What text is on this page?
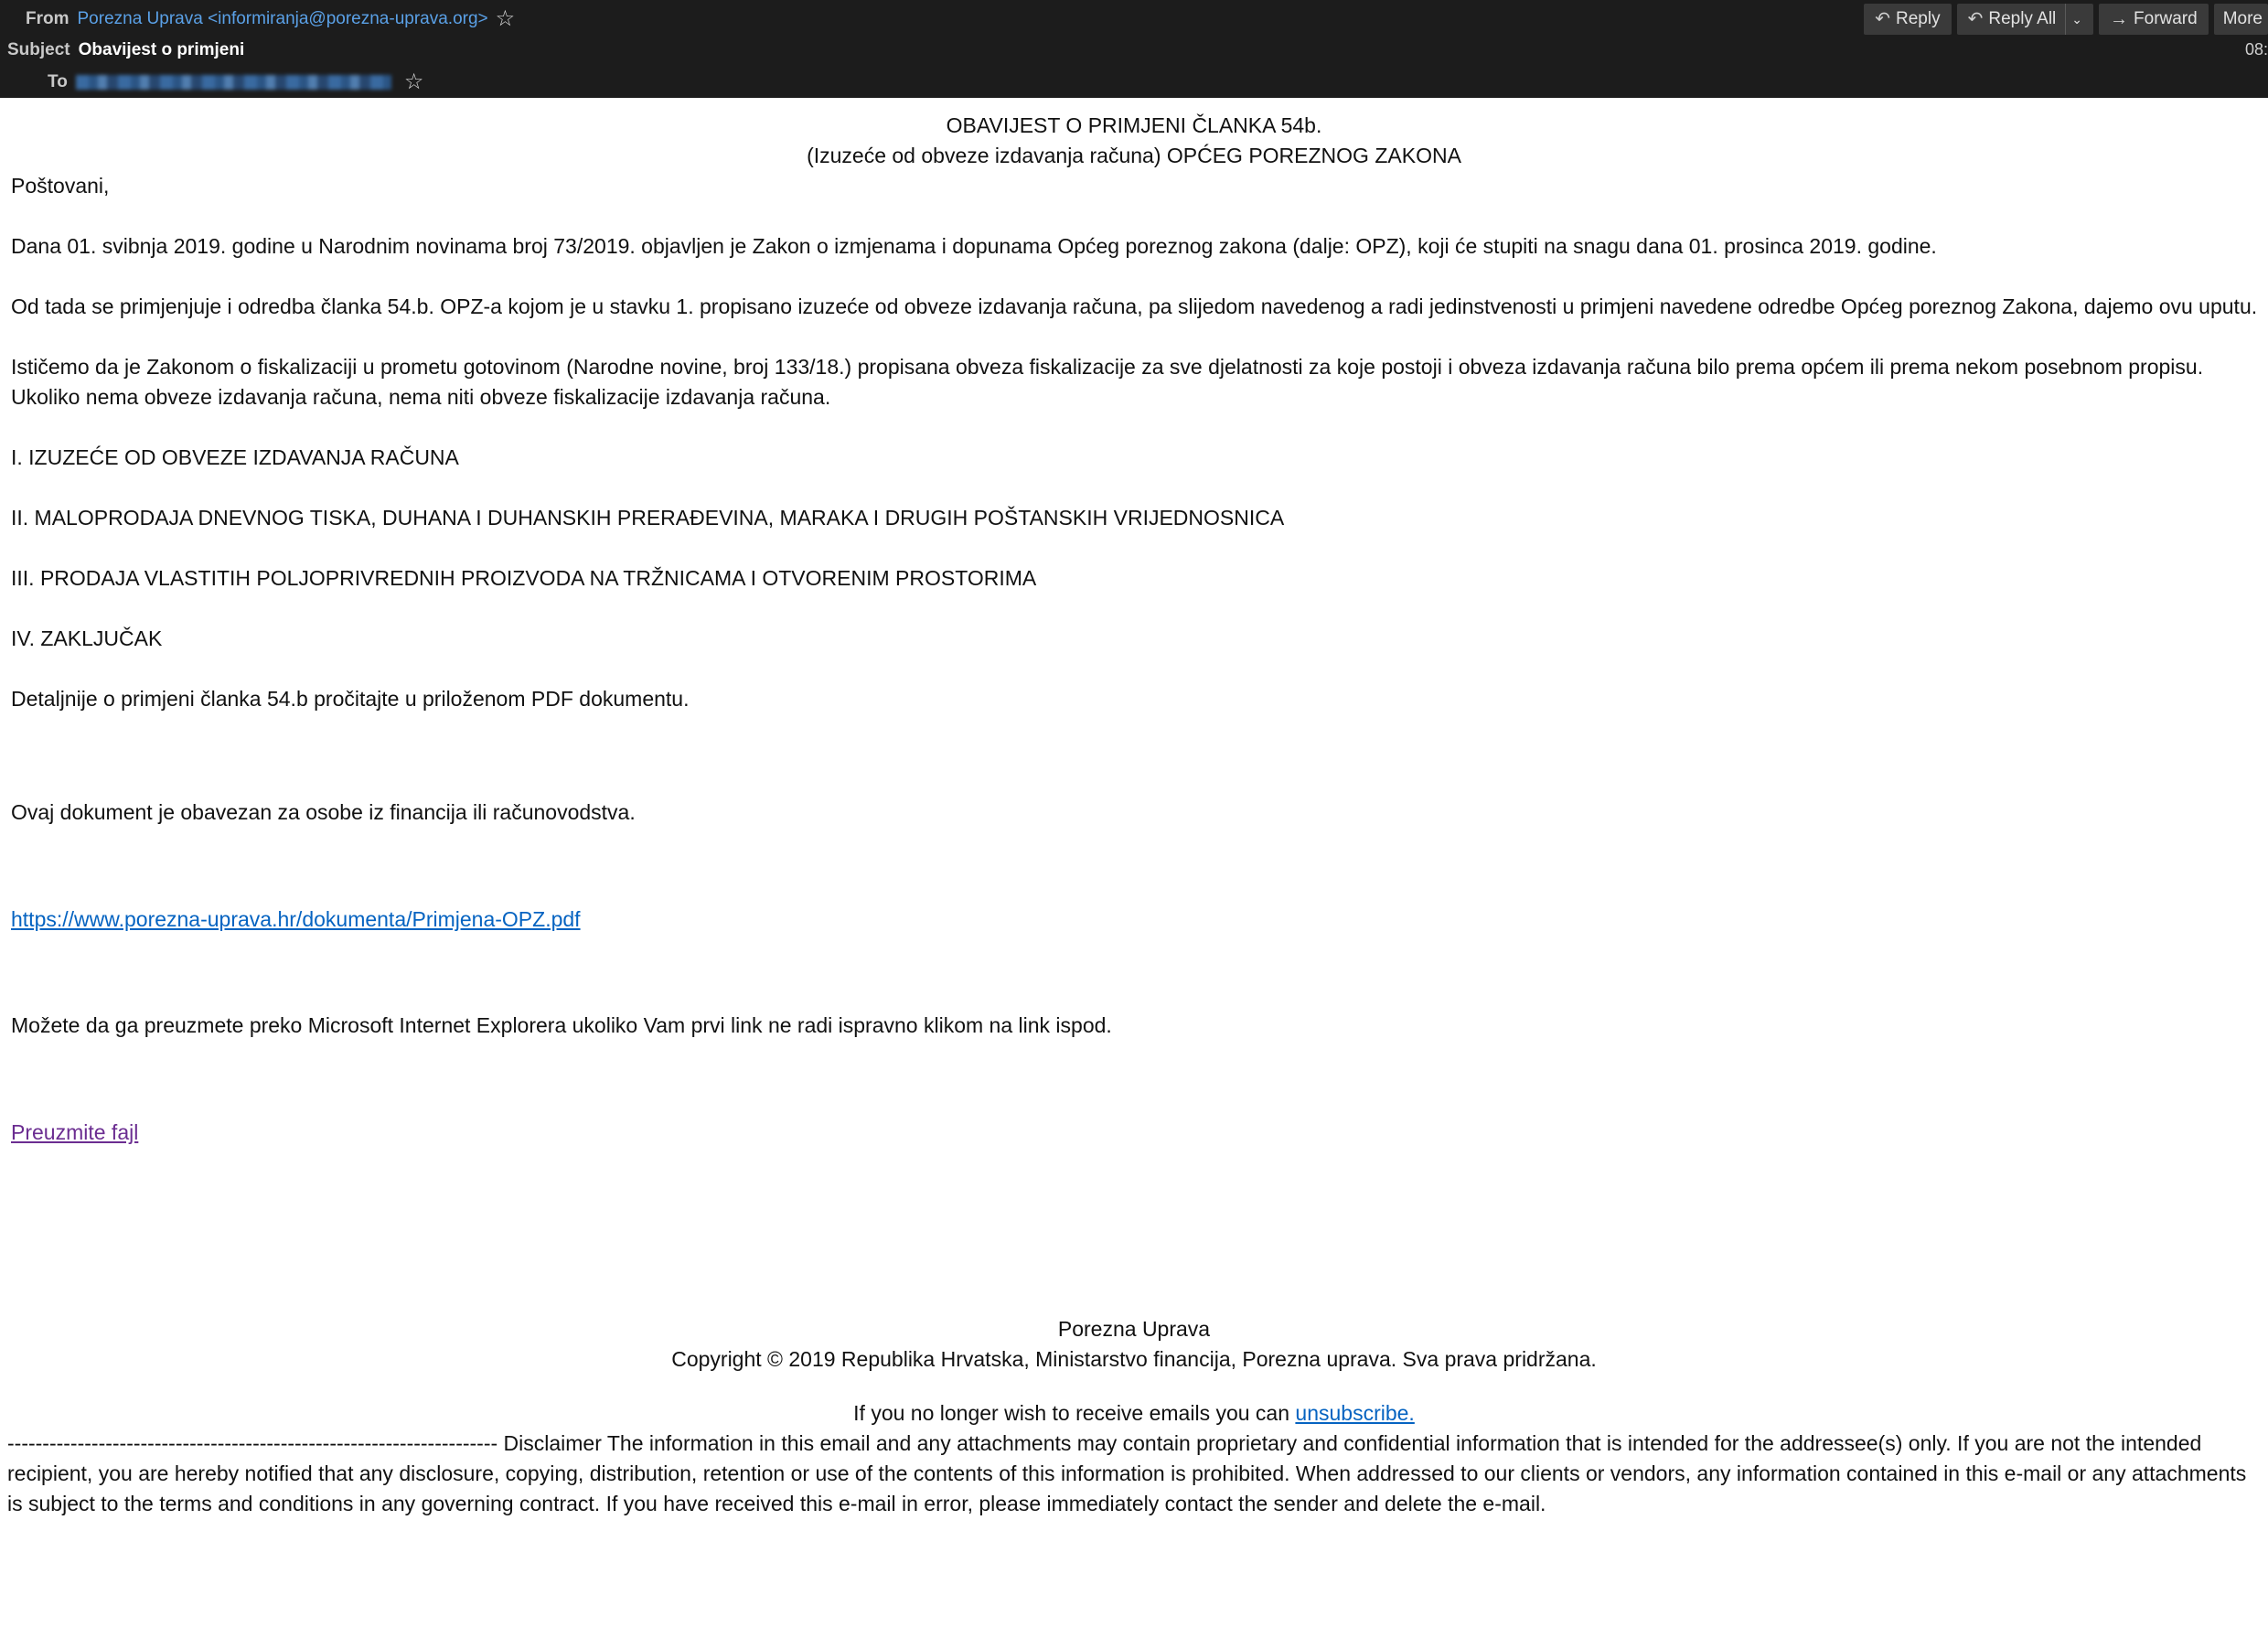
From Porezna Uprava <informiranja@porezna-uprava.org> ☆
Subject Obavijest o primjeni
To	☆
↶ Reply ↶ Reply All	⌄ → Forward More
08:

OBAVIJEST O PRIMJENI ČLANKA 54b.

(Izuzeće od obveze izdavanja računa) OPĆEG POREZNOG ZAKONA

Poštovani,

Dana 01. svibnja 2019. godine u Narodnim novinama broj 73/2019. objavljen je Zakon o izmjenama i dopunama Općeg poreznog zakona (dalje: OPZ), koji će stupiti na snagu dana 01. prosinca 2019. godine.

Od tada se primjenjuje i odredba članka 54.b. OPZ-a kojom je u stavku 1. propisano izuzeće od obveze izdavanja računa, pa slijedom navedenog a radi jedinstvenosti u primjeni navedene odredbe Općeg poreznog Zakona, dajemo ovu uputu.

Ističemo da je Zakonom o fiskalizaciji u prometu gotovinom (Narodne novine, broj 133/18.) propisana obveza fiskalizacije za sve djelatnosti za koje postoji i obveza izdavanja računa bilo prema općem ili prema nekom posebnom propisu.

Ukoliko nema obveze izdavanja računa, nema niti obveze fiskalizacije izdavanja računa.

I. IZUZEĆE OD OBVEZE IZDAVANJA RAČUNA

II. MALOPRODAJA DNEVNOG TISKA, DUHANA I DUHANSKIH PRERAĐEVINA, MARAKA I DRUGIH POŠTANSKIH VRIJEDNOSNICA

III. PRODAJA VLASTITIH POLJOPRIVREDNIH PROIZVODA NA TRŽNICAMA I OTVORENIM PROSTORIMA

IV. ZAKLJUČAK

Detaljnije o primjeni članka 54.b pročitajte u priloženom PDF dokumentu.

Ovaj dokument je obavezan za osobe iz financija ili računovodstva.

https://www.porezna-uprava.hr/dokumenta/Primjena-OPZ.pdf

Možete da ga preuzmete preko Microsoft Internet Explorera ukoliko Vam prvi link ne radi ispravno klikom na link ispod.

Preuzmite fajl

Porezna Uprava

Copyright © 2019 Republika Hrvatska, Ministarstvo financija, Porezna uprava. Sva prava pridržana.

If you no longer wish to receive emails you can unsubscribe.

---------------------------------------------------------------------- Disclaimer The information in this email and any attachments may contain proprietary and confidential information that is intended for the addressee(s) only. If you are not the intended recipient, you are hereby notified that any disclosure, copying, distribution, retention or use of the contents of this information is prohibited. When addressed to our clients or vendors, any information contained in this e-mail or any attachments is subject to the terms and conditions in any governing contract. If you have received this e-mail in error, please immediately contact the sender and delete the e-mail.
